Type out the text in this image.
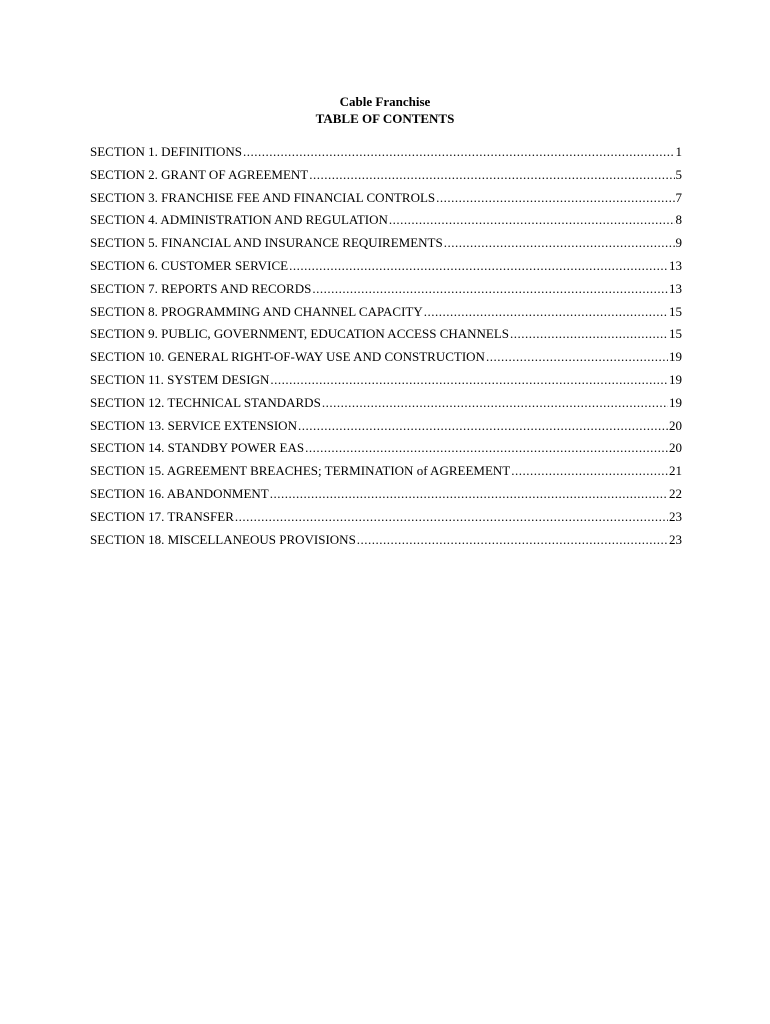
Cable Franchise
TABLE OF CONTENTS
SECTION 1. DEFINITIONS .....	1
SECTION 2. GRANT OF AGREEMENT .....	5
SECTION 3. FRANCHISE FEE AND FINANCIAL CONTROLS .....	7
SECTION 4. ADMINISTRATION AND REGULATION .....	8
SECTION 5. FINANCIAL AND INSURANCE REQUIREMENTS .....	9
SECTION 6. CUSTOMER SERVICE .....	13
SECTION 7. REPORTS AND RECORDS .....	13
SECTION 8. PROGRAMMING AND CHANNEL CAPACITY .....	15
SECTION 9. PUBLIC, GOVERNMENT, EDUCATION ACCESS CHANNELS .....	15
SECTION 10. GENERAL RIGHT-OF-WAY USE AND CONSTRUCTION .....	19
SECTION 11. SYSTEM DESIGN .....	19
SECTION 12. TECHNICAL STANDARDS .....	19
SECTION 13. SERVICE EXTENSION .....	20
SECTION 14. STANDBY POWER EAS .....	20
SECTION 15. AGREEMENT BREACHES; TERMINATION of AGREEMENT .....	21
SECTION 16. ABANDONMENT .....	22
SECTION 17. TRANSFER .....	23
SECTION 18. MISCELLANEOUS PROVISIONS .....	23
